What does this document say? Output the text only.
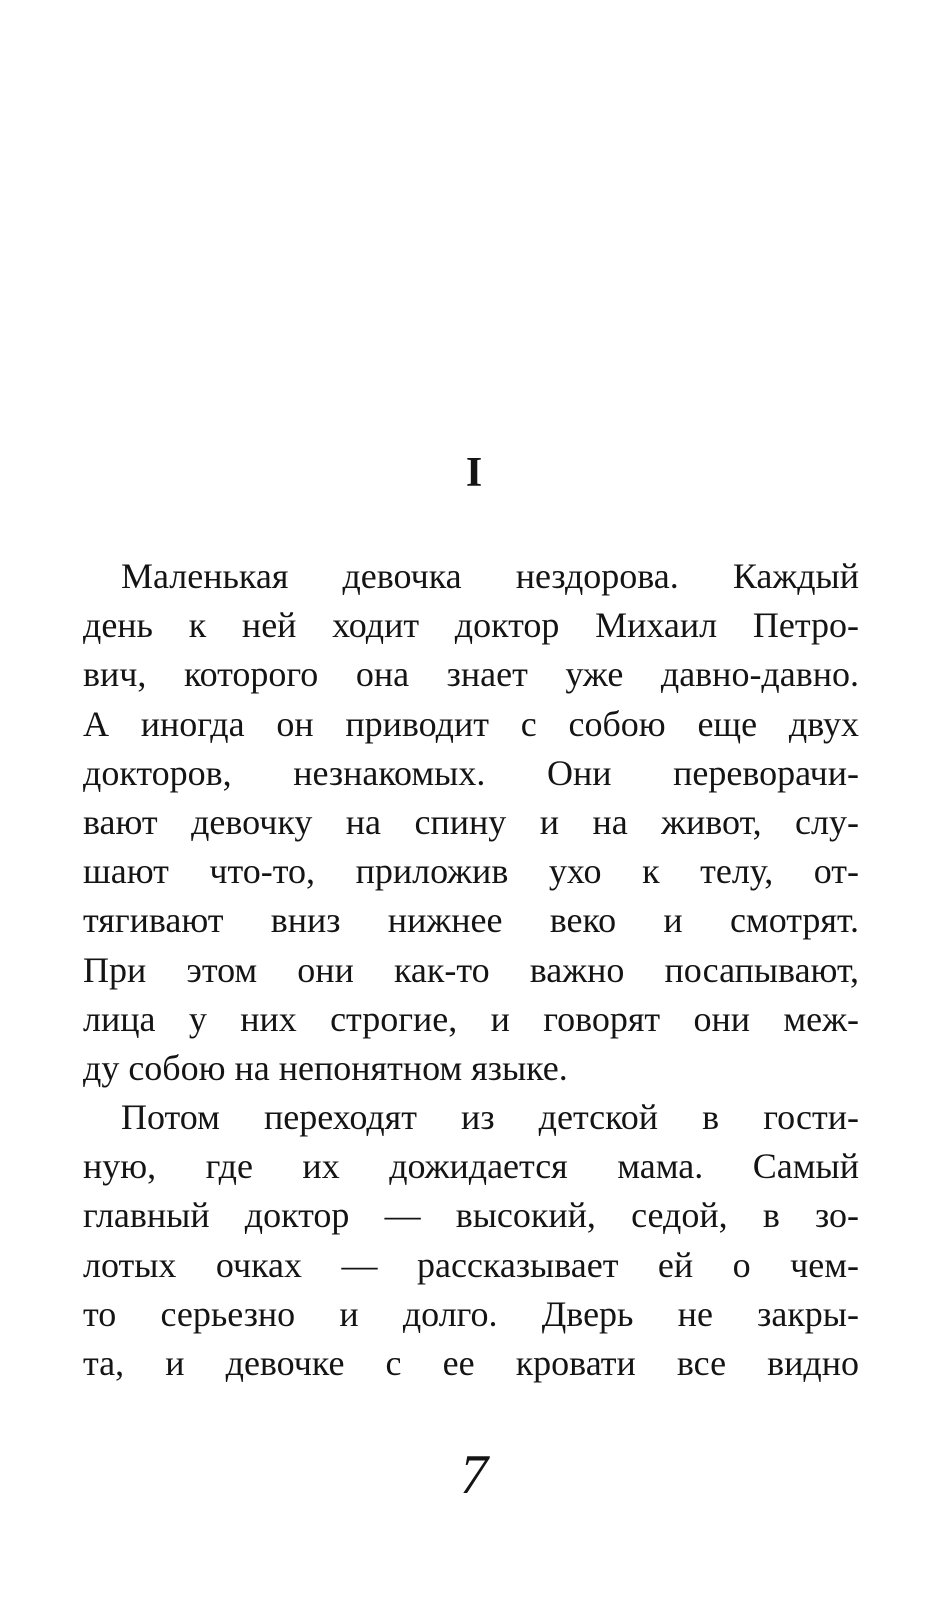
I
Маленькая девочка нездорова. Каждый
день к ней ходит доктор Михаил Петро-
вич, которого она знает уже давно-давно.
А иногда он приводит с собою еще двух
докторов, незнакомых. Они переворачи-
вают девочку на спину и на живот, слу-
шают что-то, приложив ухо к телу, от-
тягивают вниз нижнее веко и смотрят.
При этом они как-то важно посапывают,
лица у них строгие, и говорят они меж-
ду собою на непонятном языке.
Потом переходят из детской в гости-
ную, где их дожидается мама. Самый
главный доктор — высокий, седой, в зо-
лотых очках — рассказывает ей о чем-
то серьезно и долго. Дверь не закры-
та, и девочке с ее кровати все видно
7
